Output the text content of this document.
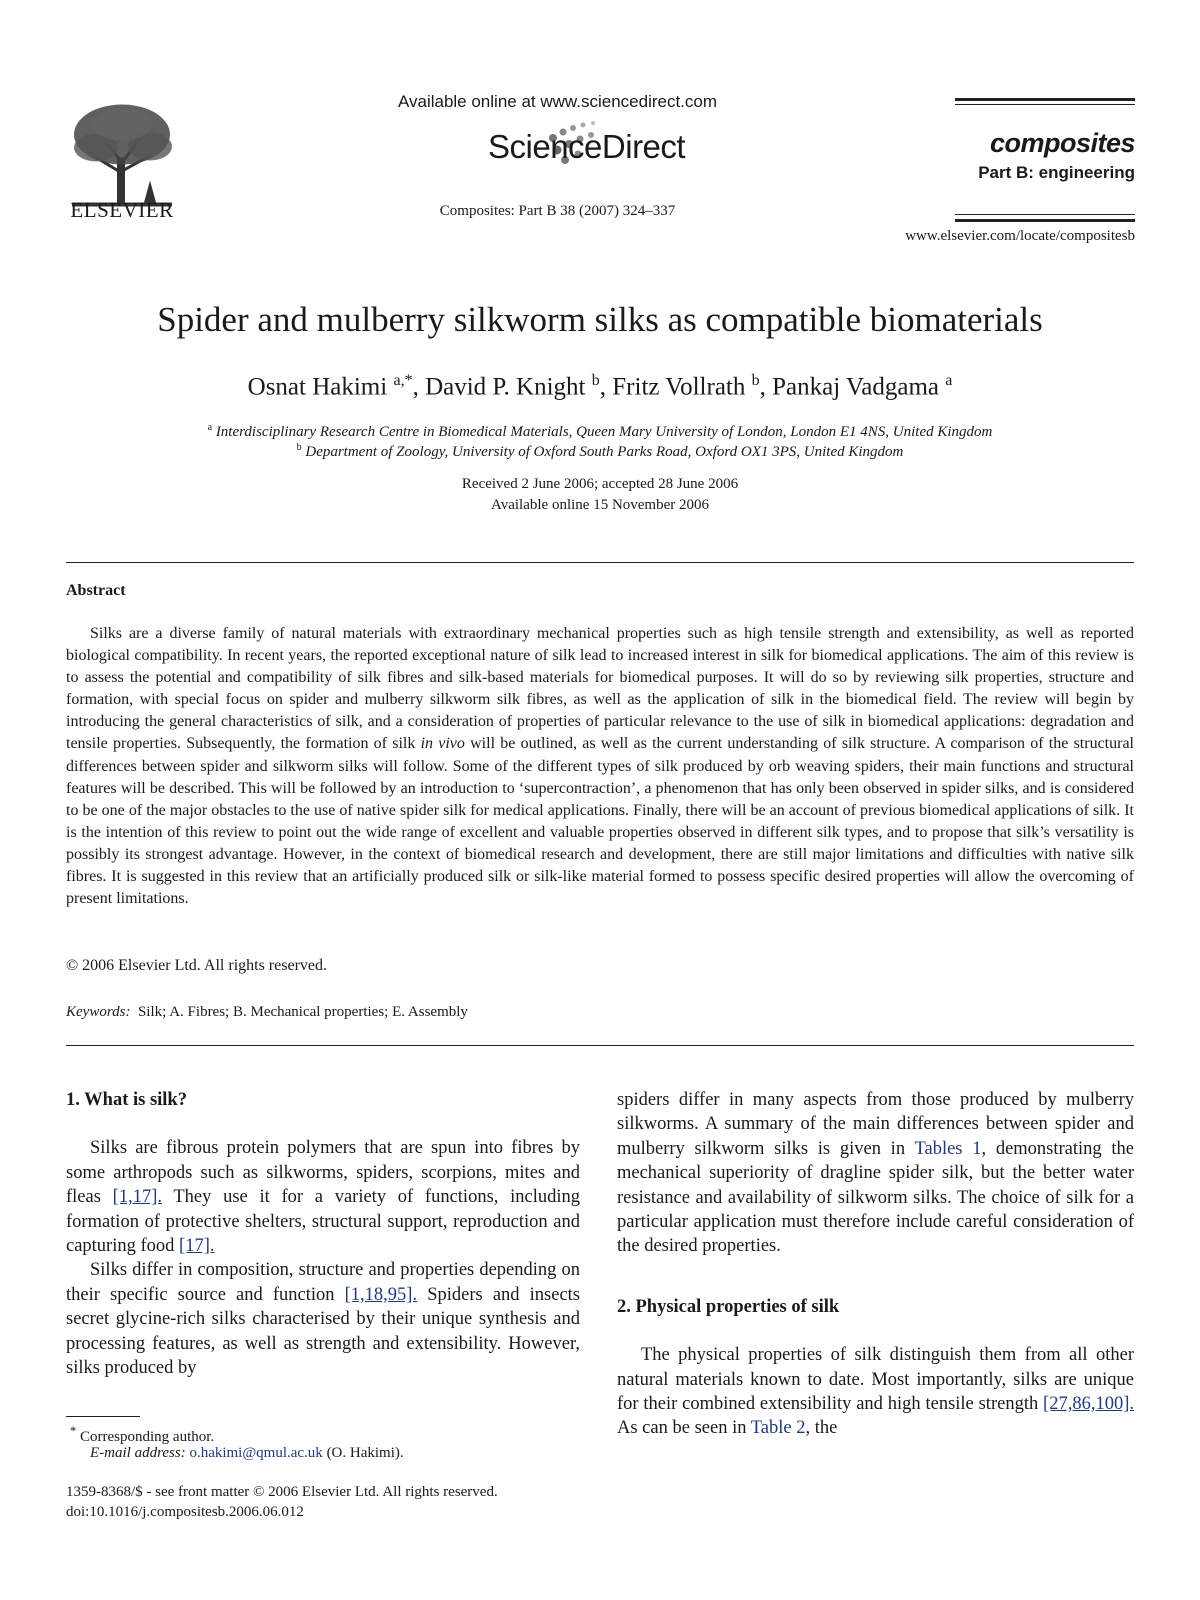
ELSEVIER
Available online at www.sciencedirect.com
ScienceDirect
Composites: Part B 38 (2007) 324–337
composites
Part B: engineering
www.elsevier.com/locate/compositesb
Spider and mulberry silkworm silks as compatible biomaterials
Osnat Hakimi $^{a,*}$, David P. Knight $^b$, Fritz Vollrath $^b$, Pankaj Vadgama $^a$
$^a$ Interdisciplinary Research Centre in Biomedical Materials, Queen Mary University of London, London E1 4NS, United Kingdom
$^b$ Department of Zoology, University of Oxford South Parks Road, Oxford OX1 3PS, United Kingdom
Received 2 June 2006; accepted 28 June 2006
Available online 15 November 2006
Abstract
Silks are a diverse family of natural materials with extraordinary mechanical properties such as high tensile strength and extensibility, as well as reported biological compatibility. In recent years, the reported exceptional nature of silk lead to increased interest in silk for biomedical applications. The aim of this review is to assess the potential and compatibility of silk fibres and silk-based materials for biomedical purposes. It will do so by reviewing silk properties, structure and formation, with special focus on spider and mulberry silkworm silk fibres, as well as the application of silk in the biomedical field. The review will begin by introducing the general characteristics of silk, and a consideration of properties of particular relevance to the use of silk in biomedical applications: degradation and tensile properties. Subsequently, the formation of silk in vivo will be outlined, as well as the current understanding of silk structure. A comparison of the structural differences between spider and silkworm silks will follow. Some of the different types of silk produced by orb weaving spiders, their main functions and structural features will be described. This will be followed by an introduction to ‘supercontraction’, a phenomenon that has only been observed in spider silks, and is considered to be one of the major obstacles to the use of native spider silk for medical applications. Finally, there will be an account of previous biomedical applications of silk. It is the intention of this review to point out the wide range of excellent and valuable properties observed in different silk types, and to propose that silk’s versatility is possibly its strongest advantage. However, in the context of biomedical research and development, there are still major limitations and difficulties with native silk fibres. It is suggested in this review that an artificially produced silk or silk-like material formed to possess specific desired properties will allow the overcoming of present limitations.
© 2006 Elsevier Ltd. All rights reserved.
Keywords: Silk; A. Fibres; B. Mechanical properties; E. Assembly
1. What is silk?

Silks are fibrous protein polymers that are spun into fibres by some arthropods such as silkworms, spiders, scorpions, mites and fleas [1,17]. They use it for a variety of functions, including formation of protective shelters, structural support, reproduction and capturing food [17].

Silks differ in composition, structure and properties depending on their specific source and function [1,18,95]. Spiders and insects secret glycine-rich silks characterised by their unique synthesis and processing features, as well as strength and extensibility. However, silks produced by

spiders differ in many aspects from those produced by mulberry silkworms. A summary of the main differences between spider and mulberry silkworm silks is given in Tables 1, demonstrating the mechanical superiority of dragline spider silk, but the better water resistance and availability of silkworm silks. The choice of silk for a particular application must therefore include careful consideration of the desired properties.

2. Physical properties of silk

The physical properties of silk distinguish them from all other natural materials known to date. Most importantly, silks are unique for their combined extensibility and high tensile strength [27,86,100]. As can be seen in Table 2, the

* Corresponding author.
E-mail address: o.hakimi@qmul.ac.uk (O. Hakimi).
1359-8368/$ - see front matter © 2006 Elsevier Ltd. All rights reserved.
doi:10.1016/j.compositesb.2006.06.012
